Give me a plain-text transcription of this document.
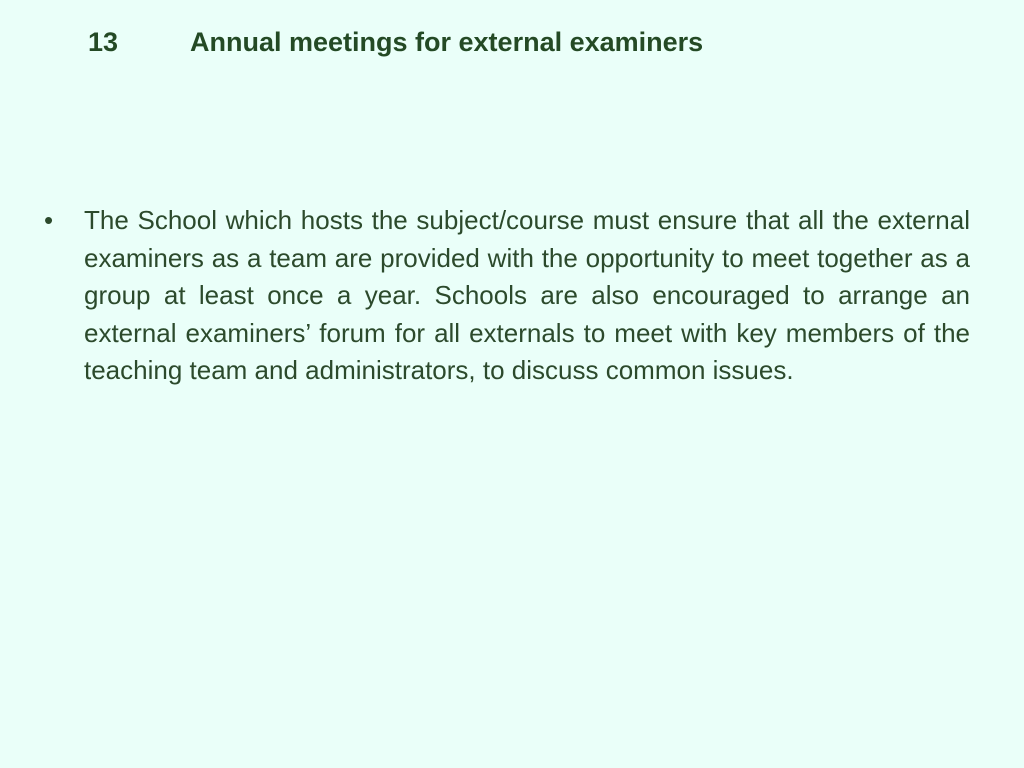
13	Annual meetings for external examiners
•	The School which hosts the subject/course must ensure that all the external examiners as a team are provided with the opportunity to meet together as a group at least once a year. Schools are also encouraged to arrange an external examiners’ forum for all externals to meet with key members of the teaching team and administrators, to discuss common issues.
